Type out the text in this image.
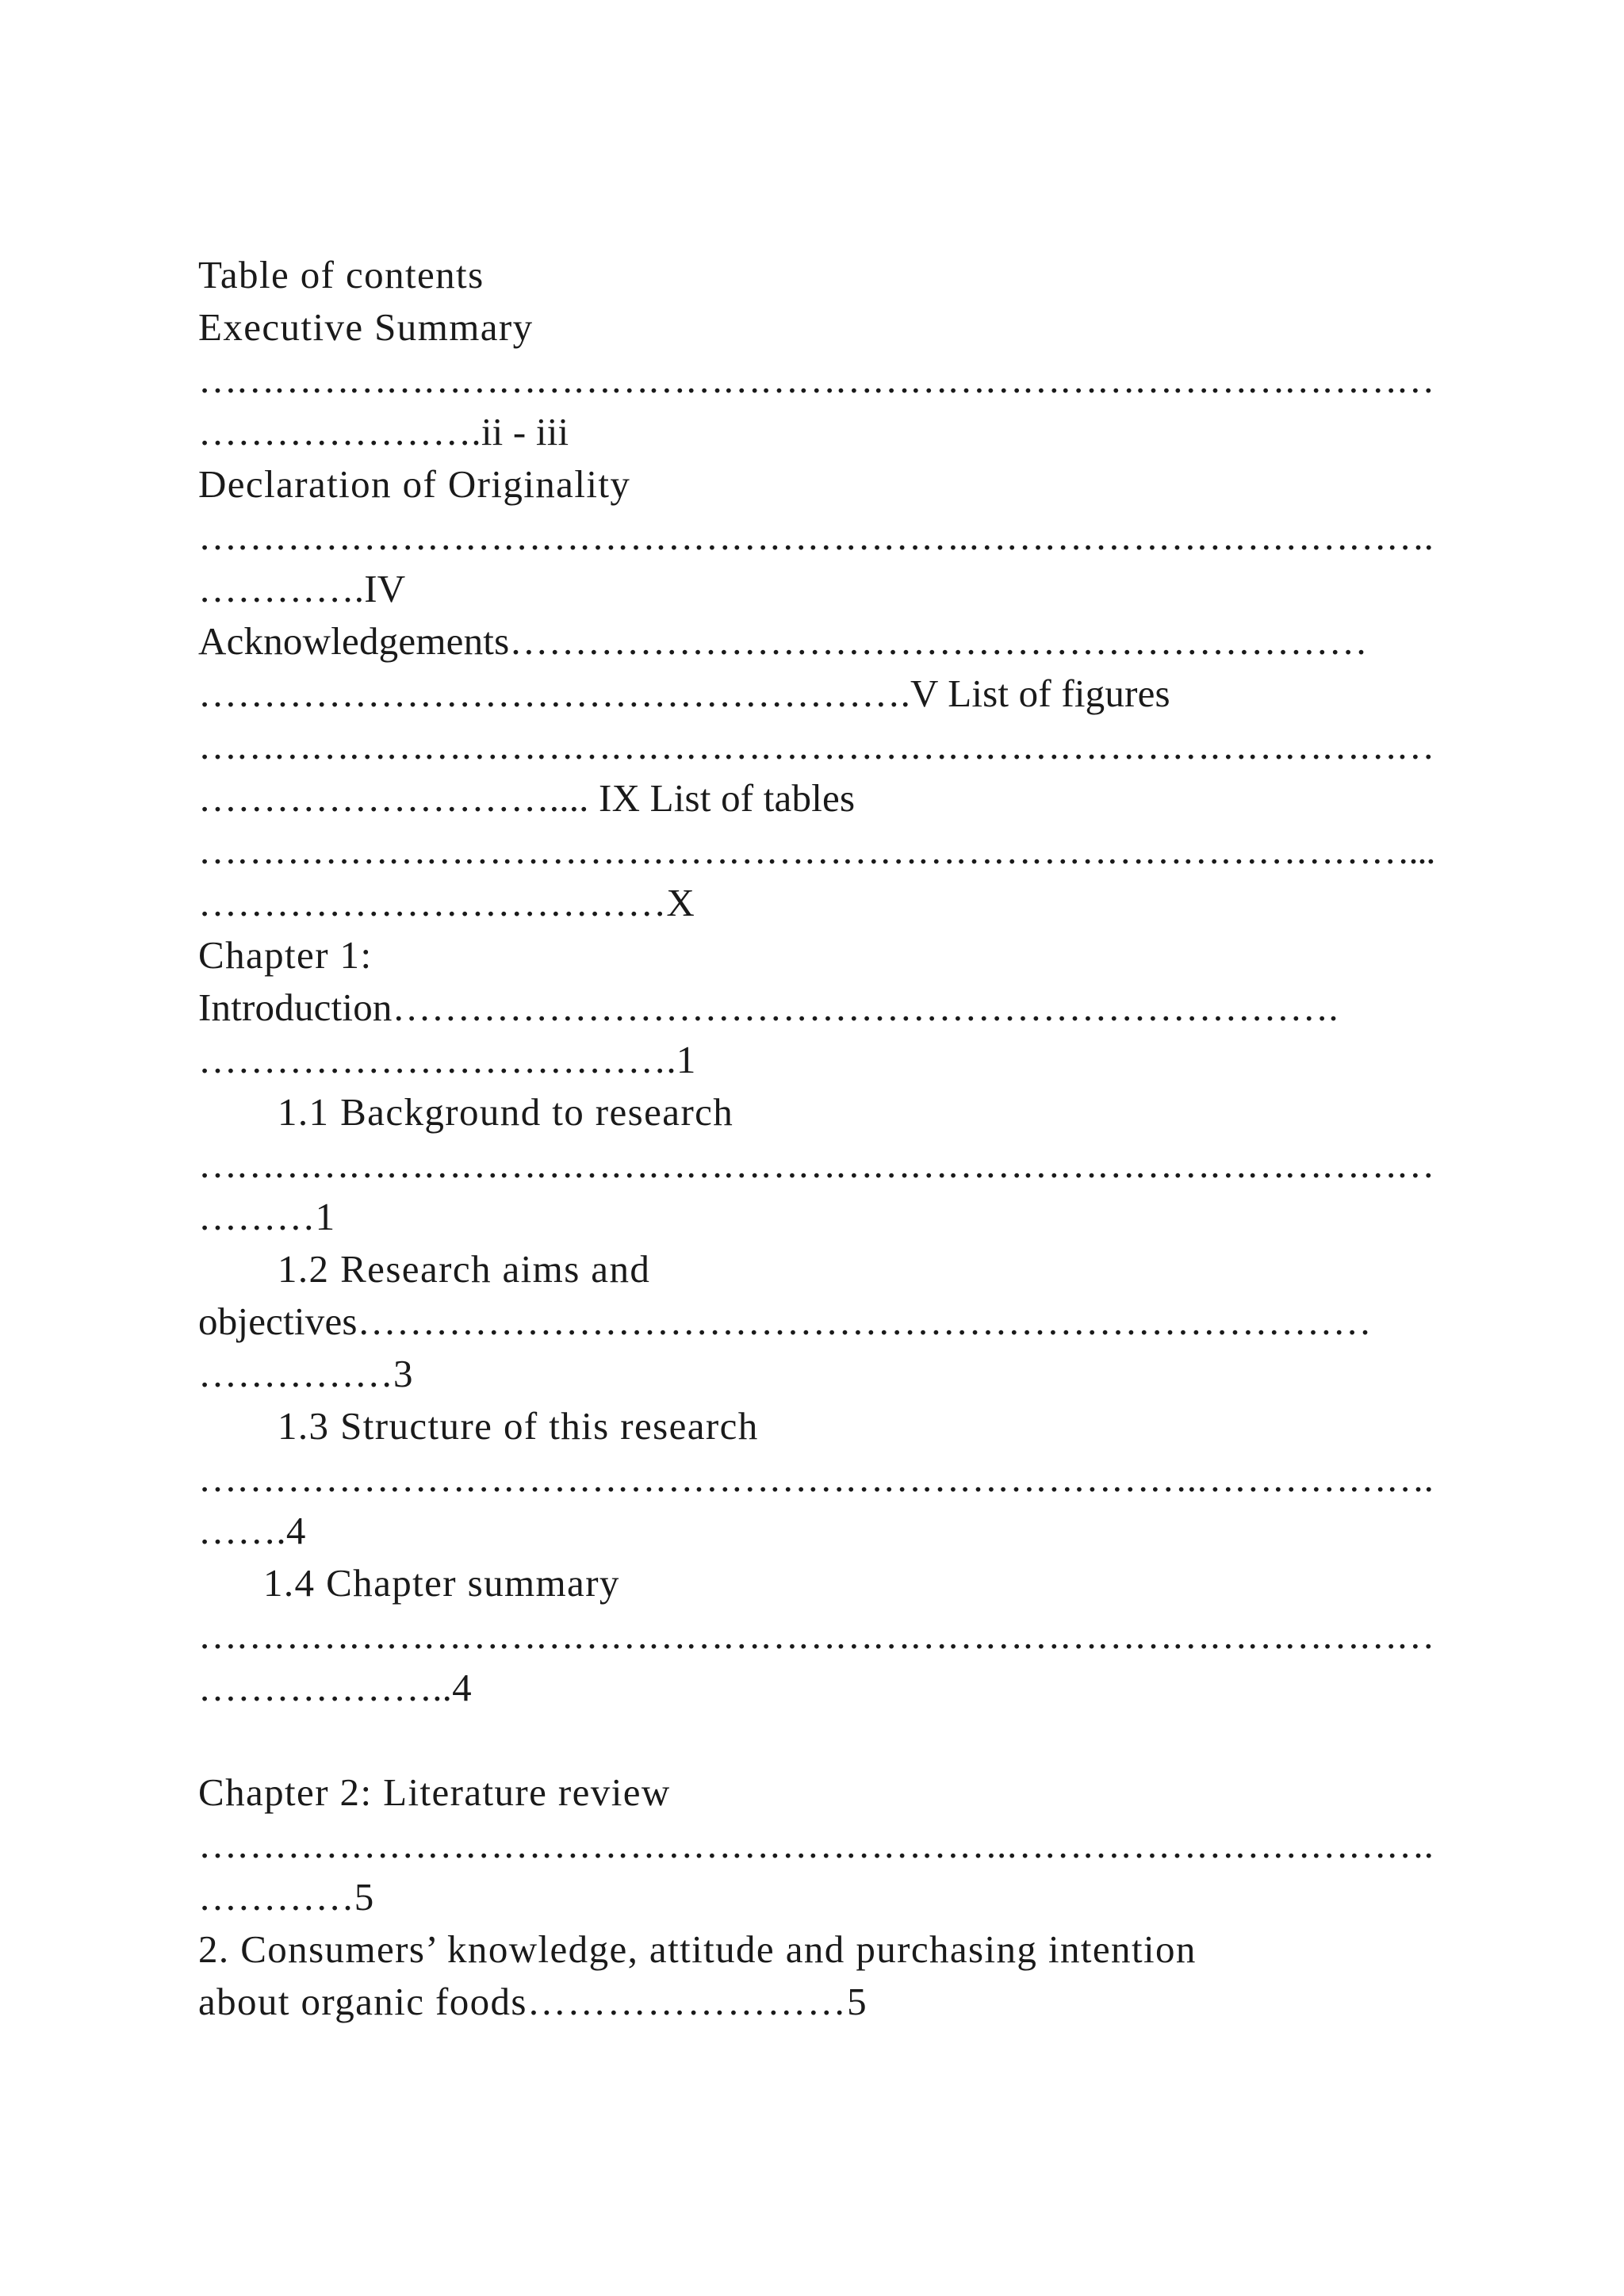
Table of contents

Executive Summary

………………………………………………………………………………………

………………….ii - iii

Declaration of Originality

…………………………………………………….……………………………….

………….IV

Acknowledgements…………………………………………………………

……………………………………………….V List of figures

………………………………………………………………………………………

……………………….... IX List of tables

……………………………………………………………………………………...

………………………………X

Chapter 1:

Introduction……………………………………………………………….

……………………………….1

1.1 Background to research

………………………………………………………………………………………

………1

1.2 Research aims and

objectives……………………………………………………………………

……………3

1.3 Structure of this research

…………………………………………………………………….……………….

…….4

1.4 Chapter summary

………………………………………………………………………………………

………………..4

Chapter 2: Literature review

……………………………………………………….…………………………….

…………5

2. Consumers’ knowledge, attitude and purchasing intention

about organic foods……………………5
